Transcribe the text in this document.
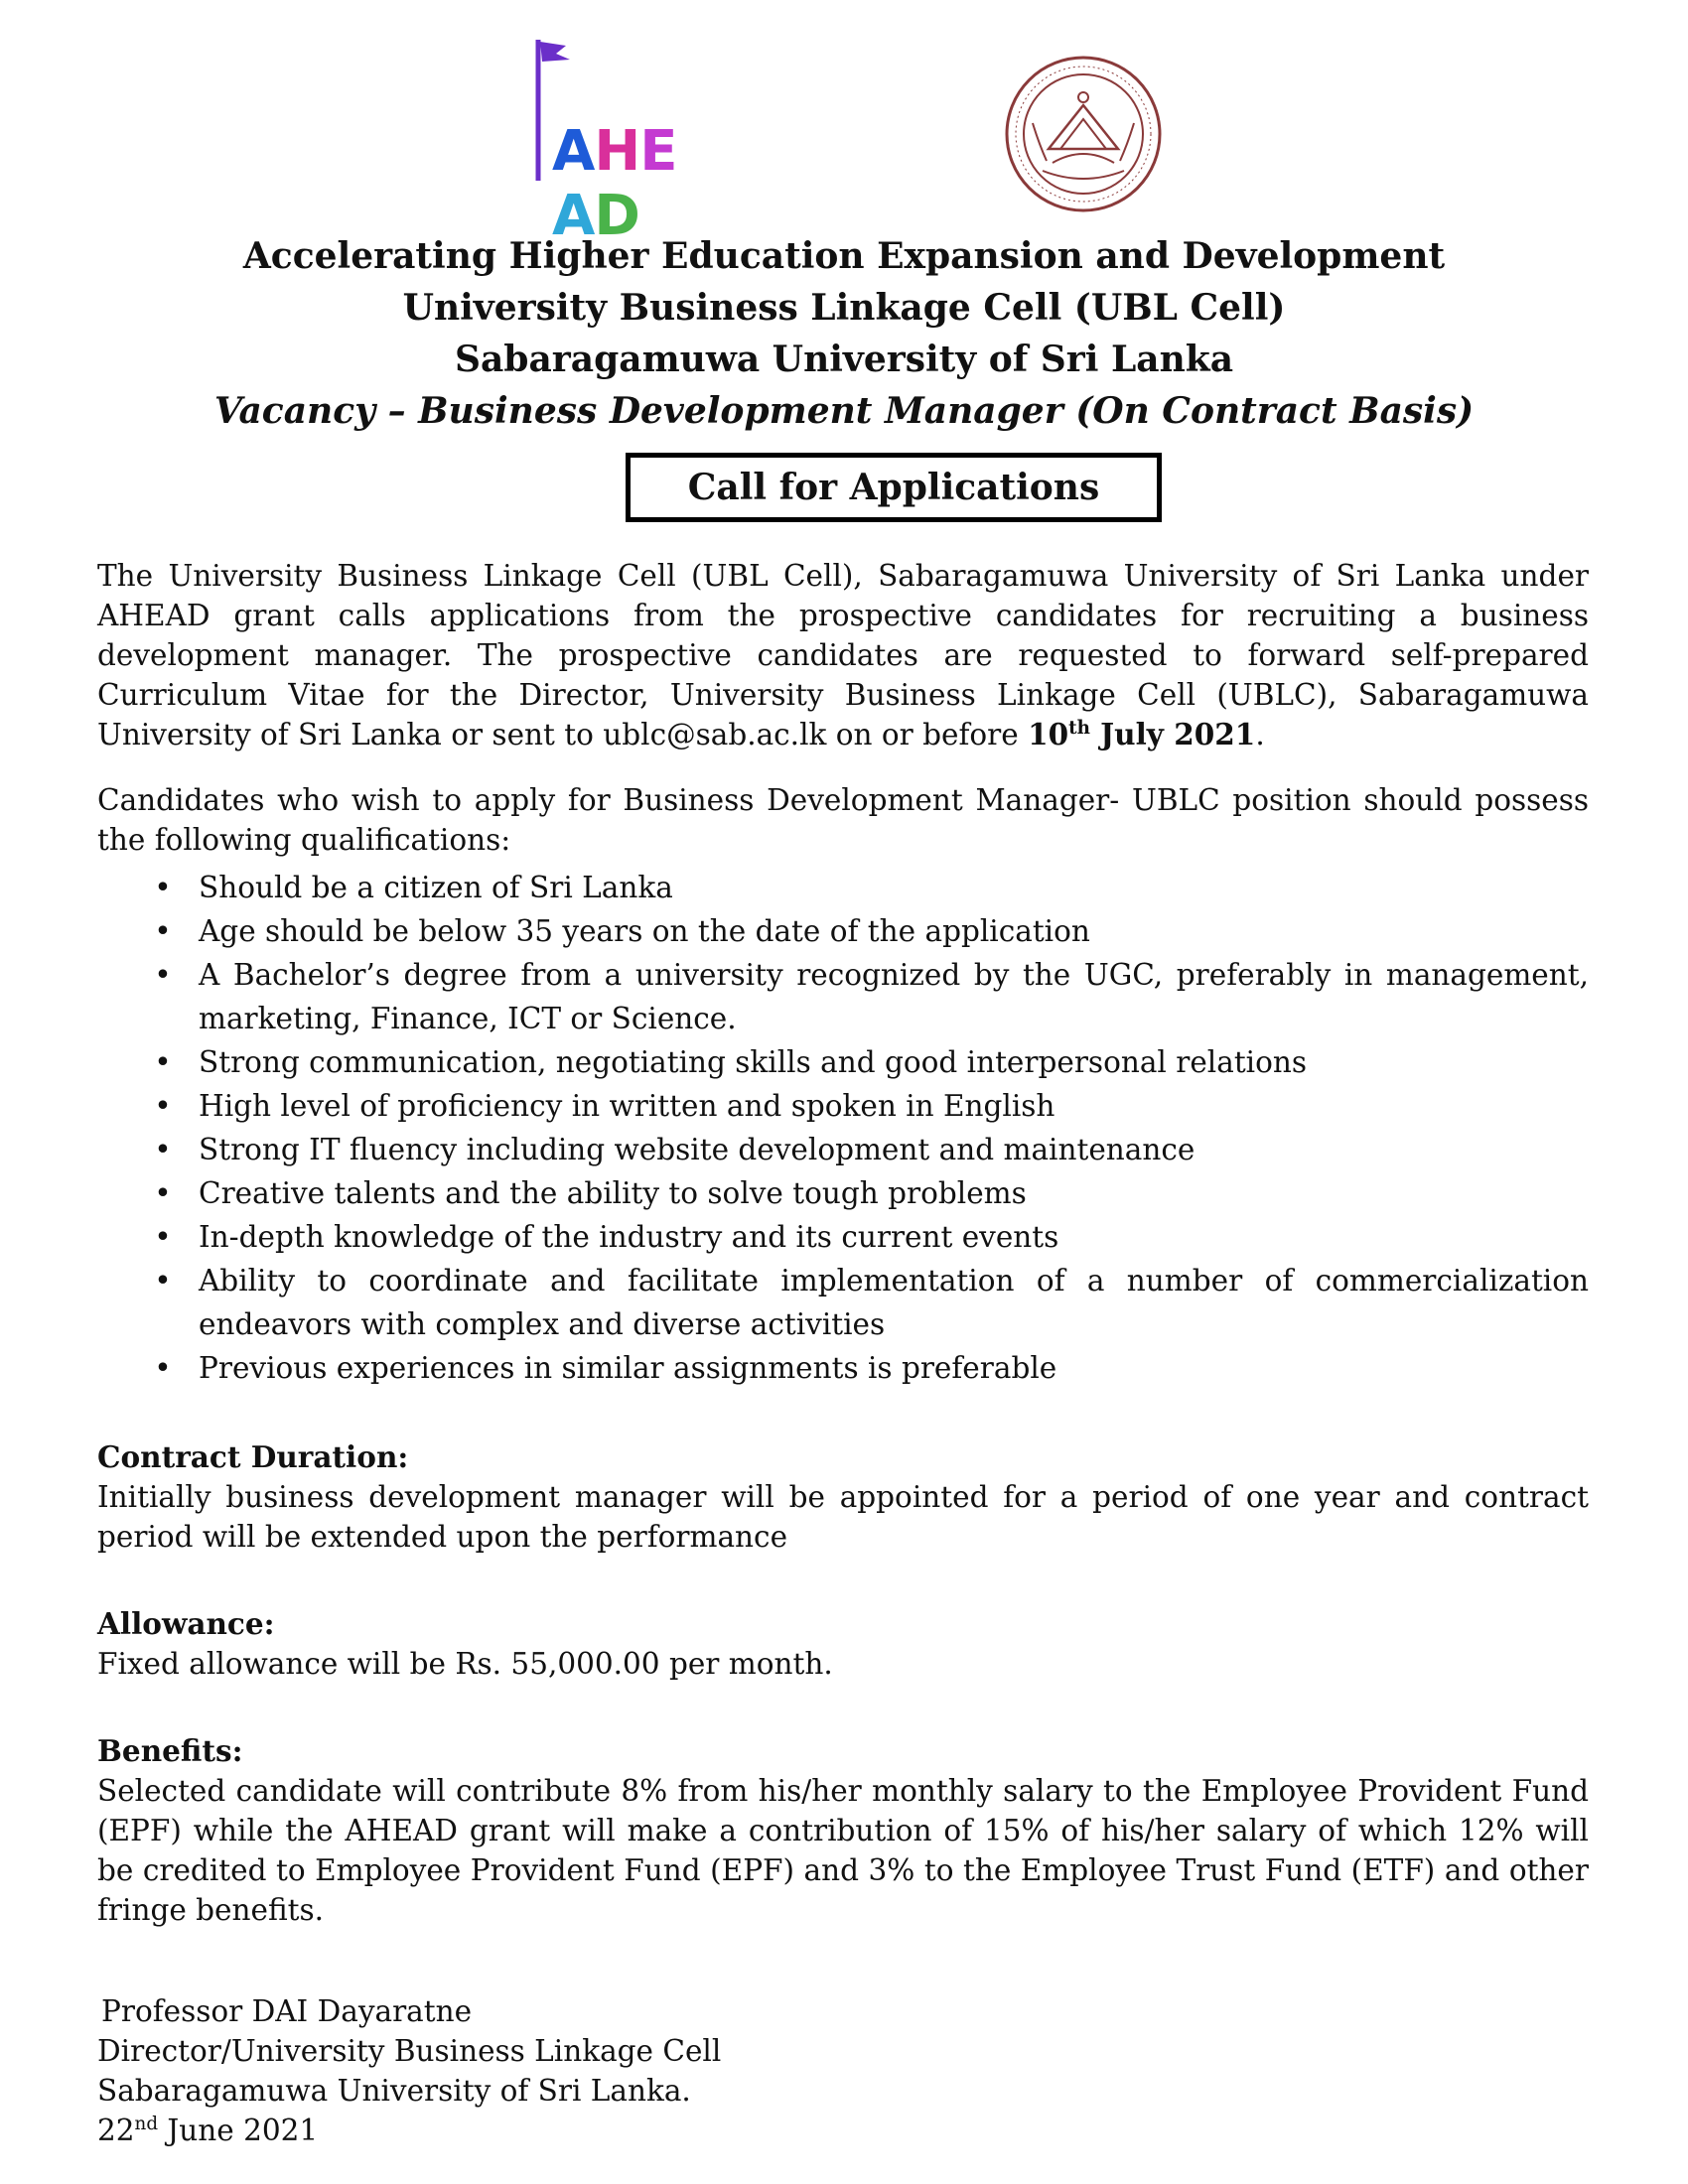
AHEAD

Accelerating Higher Education Expansion and Development

University Business Linkage Cell (UBL Cell)

Sabaragamuwa University of Sri Lanka

Vacancy – Business Development Manager (On Contract Basis)

Call for Applications

The University Business Linkage Cell (UBL Cell), Sabaragamuwa University of Sri Lanka under AHEAD grant calls applications from the prospective candidates for recruiting a business development manager. The prospective candidates are requested to forward self-prepared Curriculum Vitae for the Director, University Business Linkage Cell (UBLC), Sabaragamuwa University of Sri Lanka or sent to ublc@sab.ac.lk on or before 10th July 2021.

Candidates who wish to apply for Business Development Manager- UBLC position should possess the following qualifications:

• Should be a citizen of Sri Lanka
• Age should be below 35 years on the date of the application
• A Bachelor’s degree from a university recognized by the UGC, preferably in management, marketing, Finance, ICT or Science.
• Strong communication, negotiating skills and good interpersonal relations
• High level of proficiency in written and spoken in English
• Strong IT fluency including website development and maintenance
• Creative talents and the ability to solve tough problems
• In-depth knowledge of the industry and its current events
• Ability to coordinate and facilitate implementation of a number of commercialization endeavors with complex and diverse activities
• Previous experiences in similar assignments is preferable

Contract Duration:

Initially business development manager will be appointed for a period of one year and contract period will be extended upon the performance

Allowance:

Fixed allowance will be Rs. 55,000.00 per month.

Benefits:

Selected candidate will contribute 8% from his/her monthly salary to the Employee Provident Fund (EPF) while the AHEAD grant will make a contribution of 15% of his/her salary of which 12% will be credited to Employee Provident Fund (EPF) and 3% to the Employee Trust Fund (ETF) and other fringe benefits.

Professor DAI Dayaratne

Director/University Business Linkage Cell

Sabaragamuwa University of Sri Lanka.

22nd June 2021
